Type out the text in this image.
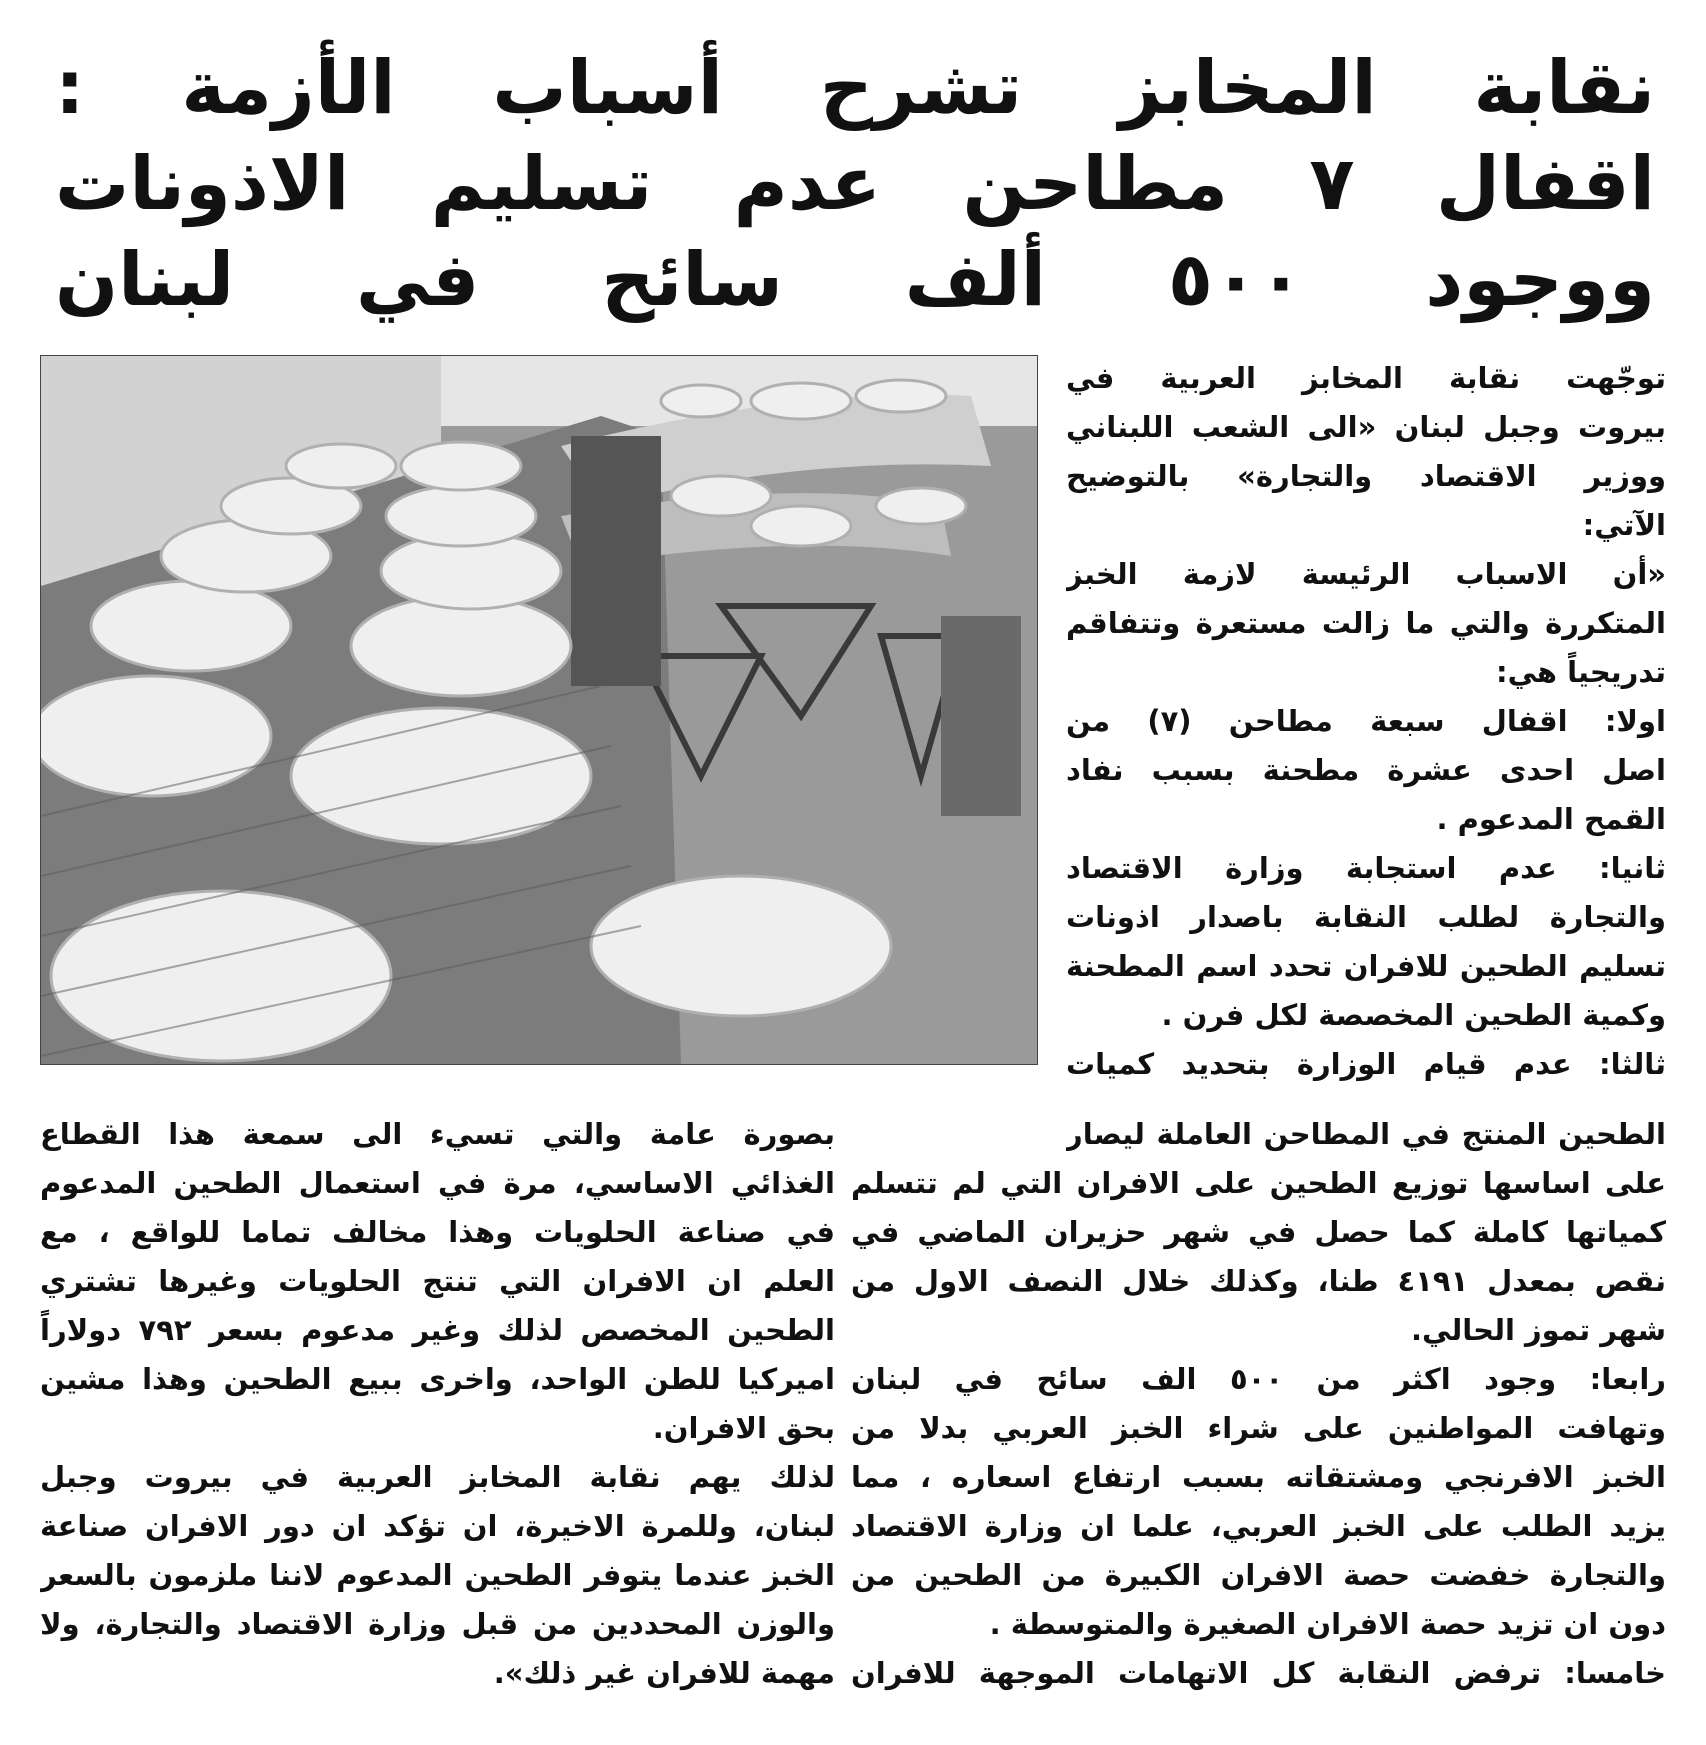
نقابة المخابز تشرح أسباب الأزمة :
اقفال ٧ مطاحن عدم تسليم الاذونات
ووجود ٥٠٠ ألف سائح في لبنان
توجّهت نقابة المخابز العربية في
بيروت وجبل لبنان «الى الشعب اللبناني
ووزير الاقتصاد والتجارة» بالتوضيح
الآتي:
«أن الاسباب الرئيسة لازمة الخبز
المتكررة والتي ما زالت مستعرة وتتفاقم
تدريجياً هي:
اولا: اقفال سبعة مطاحن (٧) من
اصل احدى عشرة مطحنة بسبب نفاد
القمح المدعوم .
ثانيا: عدم استجابة وزارة الاقتصاد
والتجارة لطلب النقابة باصدار اذونات
تسليم الطحين للافران تحدد اسم المطحنة
وكمية الطحين المخصصة لكل فرن .
ثالثا: عدم قيام الوزارة بتحديد كميات
الطحين المنتج في المطاحن العاملة ليصار
على اساسها توزيع الطحين على الافران التي لم تتسلم
كمياتها كاملة كما حصل في شهر حزيران الماضي في
نقص بمعدل ٤١٩١ طنا، وكذلك خلال النصف الاول من
شهر تموز الحالي.
رابعا: وجود اكثر من ٥٠٠ الف سائح في لبنان
وتهافت المواطنين على شراء الخبز العربي بدلا من
الخبز الافرنجي ومشتقاته بسبب ارتفاع اسعاره ، مما
يزيد الطلب على الخبز العربي، علما ان وزارة الاقتصاد
والتجارة خفضت حصة الافران الكبيرة من الطحين من
دون ان تزيد حصة الافران الصغيرة والمتوسطة .
خامسا: ترفض النقابة كل الاتهامات الموجهة للافران
بصورة عامة والتي تسيء الى سمعة هذا القطاع
الغذائي الاساسي، مرة في استعمال الطحين المدعوم
في صناعة الحلويات وهذا مخالف تماما للواقع ، مع
العلم ان الافران التي تنتج الحلويات وغيرها تشتري
الطحين المخصص لذلك وغير مدعوم بسعر ٧٩٢ دولاراً
اميركيا للطن الواحد، واخرى ببيع الطحين وهذا مشين
بحق الافران.
لذلك يهم نقابة المخابز العربية في بيروت وجبل
لبنان، وللمرة الاخيرة، ان تؤكد ان دور الافران صناعة
الخبز عندما يتوفر الطحين المدعوم لاننا ملزمون بالسعر
والوزن المحددين من قبل وزارة الاقتصاد والتجارة، ولا
مهمة للافران غير ذلك».
